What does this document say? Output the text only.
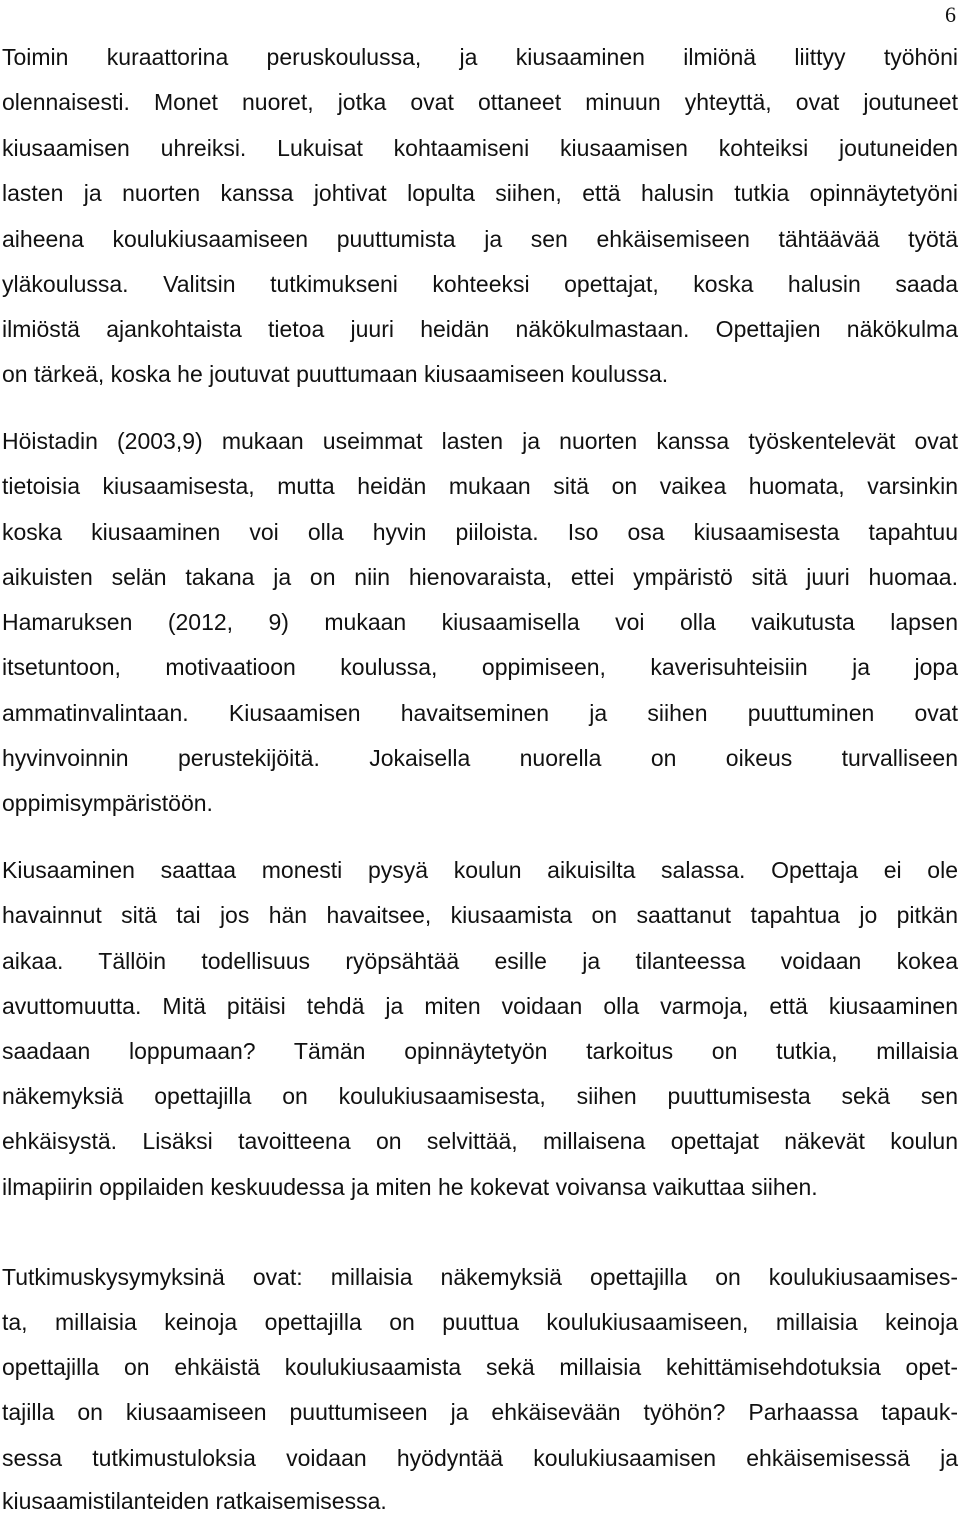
6
Toimin kuraattorina peruskoulussa, ja kiusaaminen ilmiönä liittyy työhöni
olennaisesti. Monet nuoret, jotka ovat ottaneet minuun yhteyttä, ovat joutuneet
kiusaamisen uhreiksi. Lukuisat kohtaamiseni kiusaamisen kohteiksi joutuneiden
lasten ja nuorten kanssa johtivat lopulta siihen, että halusin tutkia opinnäytetyöni
aiheena koulukiusaamiseen puuttumista ja sen ehkäisemiseen tähtäävää työtä
yläkoulussa. Valitsin tutkimukseni kohteeksi opettajat, koska halusin saada
ilmiöstä ajankohtaista tietoa juuri heidän näkökulmastaan. Opettajien näkökulma
on tärkeä, koska he joutuvat puuttumaan kiusaamiseen koulussa.
Höistadin (2003,9) mukaan useimmat lasten ja nuorten kanssa työskentelevät ovat
tietoisia kiusaamisesta, mutta heidän mukaan sitä on vaikea huomata, varsinkin
koska kiusaaminen voi olla hyvin piiloista. Iso osa kiusaamisesta tapahtuu
aikuisten selän takana ja on niin hienovaraista, ettei ympäristö sitä juuri huomaa.
Hamaruksen (2012, 9) mukaan kiusaamisella voi olla vaikutusta lapsen
itsetuntoon, motivaatioon koulussa, oppimiseen, kaverisuhteisiin ja jopa
ammatinvalintaan. Kiusaamisen havaitseminen ja siihen puuttuminen ovat
hyvinvoinnin perustekijöitä. Jokaisella nuorella on oikeus turvalliseen
oppimisympäristöön.
Kiusaaminen saattaa monesti pysyä koulun aikuisilta salassa. Opettaja ei ole
havainnut sitä tai jos hän havaitsee, kiusaamista on saattanut tapahtua jo pitkän
aikaa. Tällöin todellisuus ryöpsähtää esille ja tilanteessa voidaan kokea
avuttomuutta. Mitä pitäisi tehdä ja miten voidaan olla varmoja, että kiusaaminen
saadaan loppumaan? Tämän opinnäytetyön tarkoitus on tutkia, millaisia
näkemyksiä opettajilla on koulukiusaamisesta, siihen puuttumisesta sekä sen
ehkäisystä. Lisäksi tavoitteena on selvittää, millaisena opettajat näkevät koulun
ilmapiirin oppilaiden keskuudessa ja miten he kokevat voivansa vaikuttaa siihen.
Tutkimuskysymyksinä ovat: millaisia näkemyksiä opettajilla on koulukiusaamises-
ta, millaisia keinoja opettajilla on puuttua koulukiusaamiseen, millaisia keinoja
opettajilla on ehkäistä koulukiusaamista sekä millaisia kehittämisehdotuksia opet-
tajilla on kiusaamiseen puuttumiseen ja ehkäisevään työhön? Parhaassa tapauk-
sessa tutkimustuloksia voidaan hyödyntää koulukiusaamisen ehkäisemisessä ja
kiusaamistilanteiden ratkaisemisessa.
